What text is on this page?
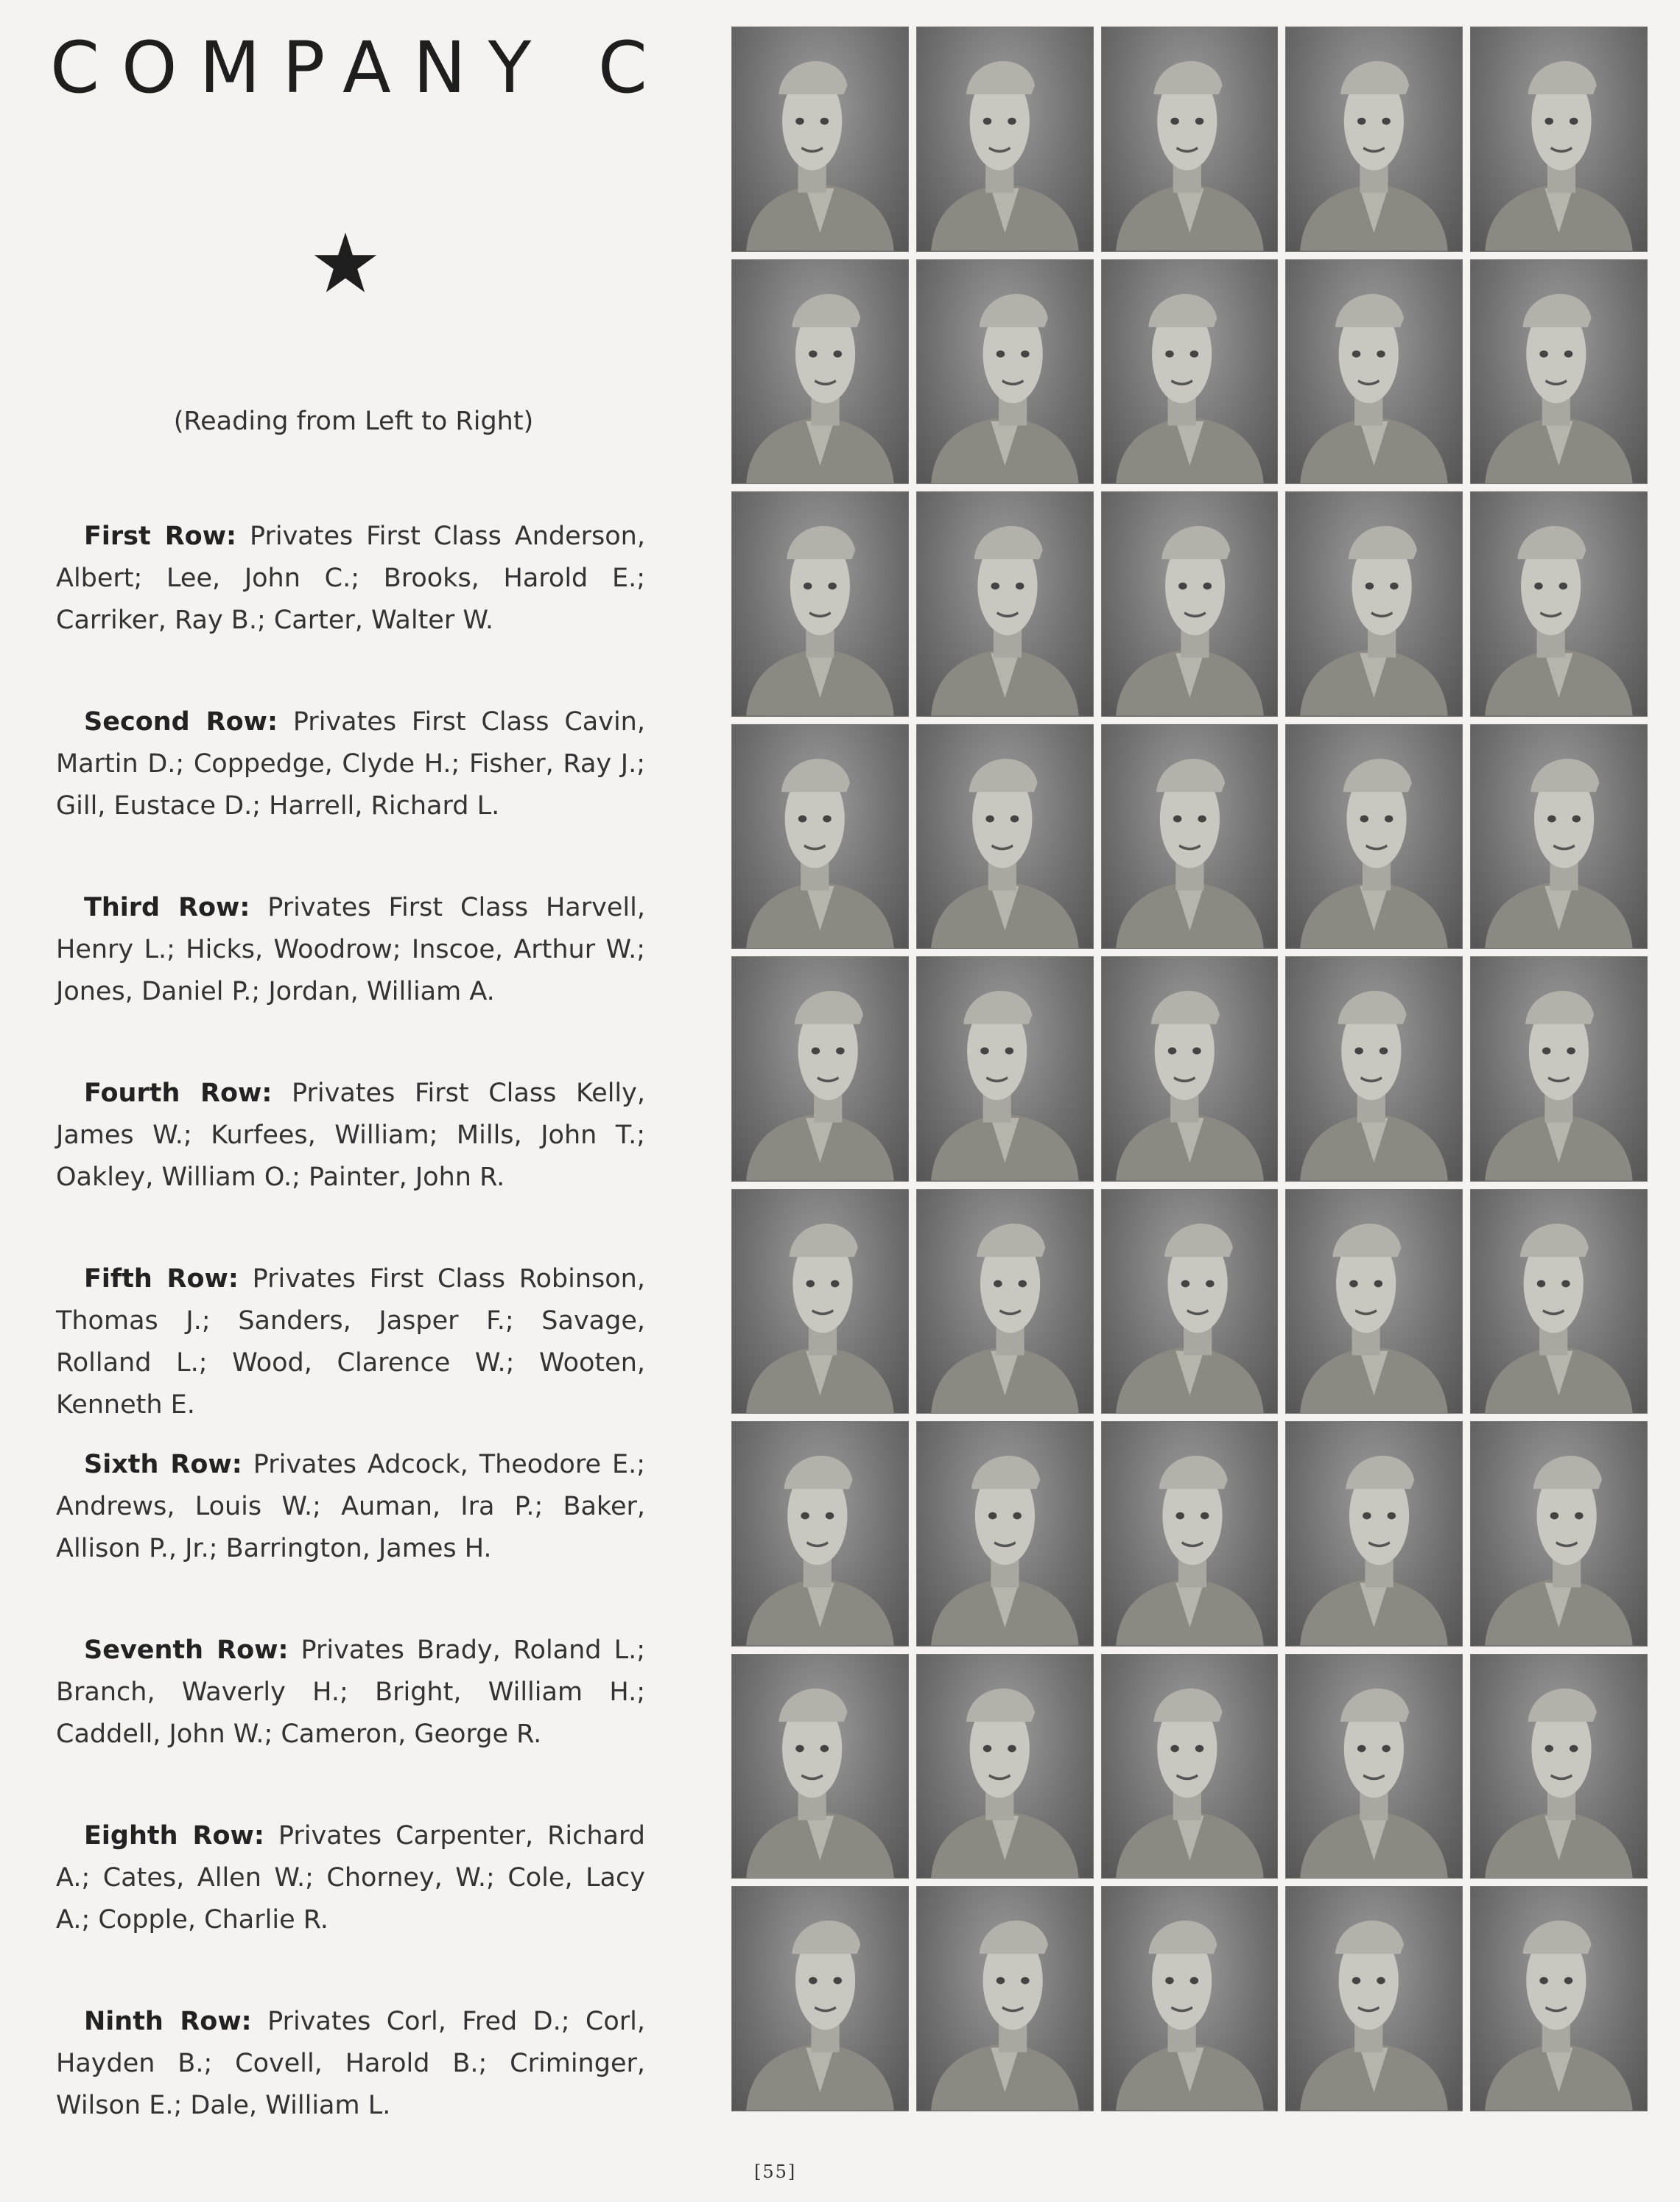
COMPANY C
(Reading from Left to Right)

First Row: Privates First Class Anderson, Albert; Lee, John C.; Brooks, Harold E.; Carriker, Ray B.; Carter, Walter W.

Second Row: Privates First Class Cavin, Martin D.; Coppedge, Clyde H.; Fisher, Ray J.; Gill, Eustace D.; Harrell, Richard L.

Third Row: Privates First Class Harvell, Henry L.; Hicks, Woodrow; Inscoe, Arthur W.; Jones, Daniel P.; Jordan, William A.

Fourth Row: Privates First Class Kelly, James W.; Kurfees, William; Mills, John T.; Oakley, William O.; Painter, John R.

Fifth Row: Privates First Class Robinson, Thomas J.; Sanders, Jasper F.; Savage, Rolland L.; Wood, Clarence W.; Wooten, Kenneth E.

Sixth Row: Privates Adcock, Theodore E.; Andrews, Louis W.; Auman, Ira P.; Baker, Allison P., Jr.; Barrington, James H.

Seventh Row: Privates Brady, Roland L.; Branch, Waverly H.; Bright, William H.; Caddell, John W.; Cameron, George R.

Eighth Row: Privates Carpenter, Richard A.; Cates, Allen W.; Chorney, W.; Cole, Lacy A.; Copple, Charlie R.

Ninth Row: Privates Corl, Fred D.; Corl, Hayden B.; Covell, Harold B.; Criminger, Wilson E.; Dale, William L.

[55]
